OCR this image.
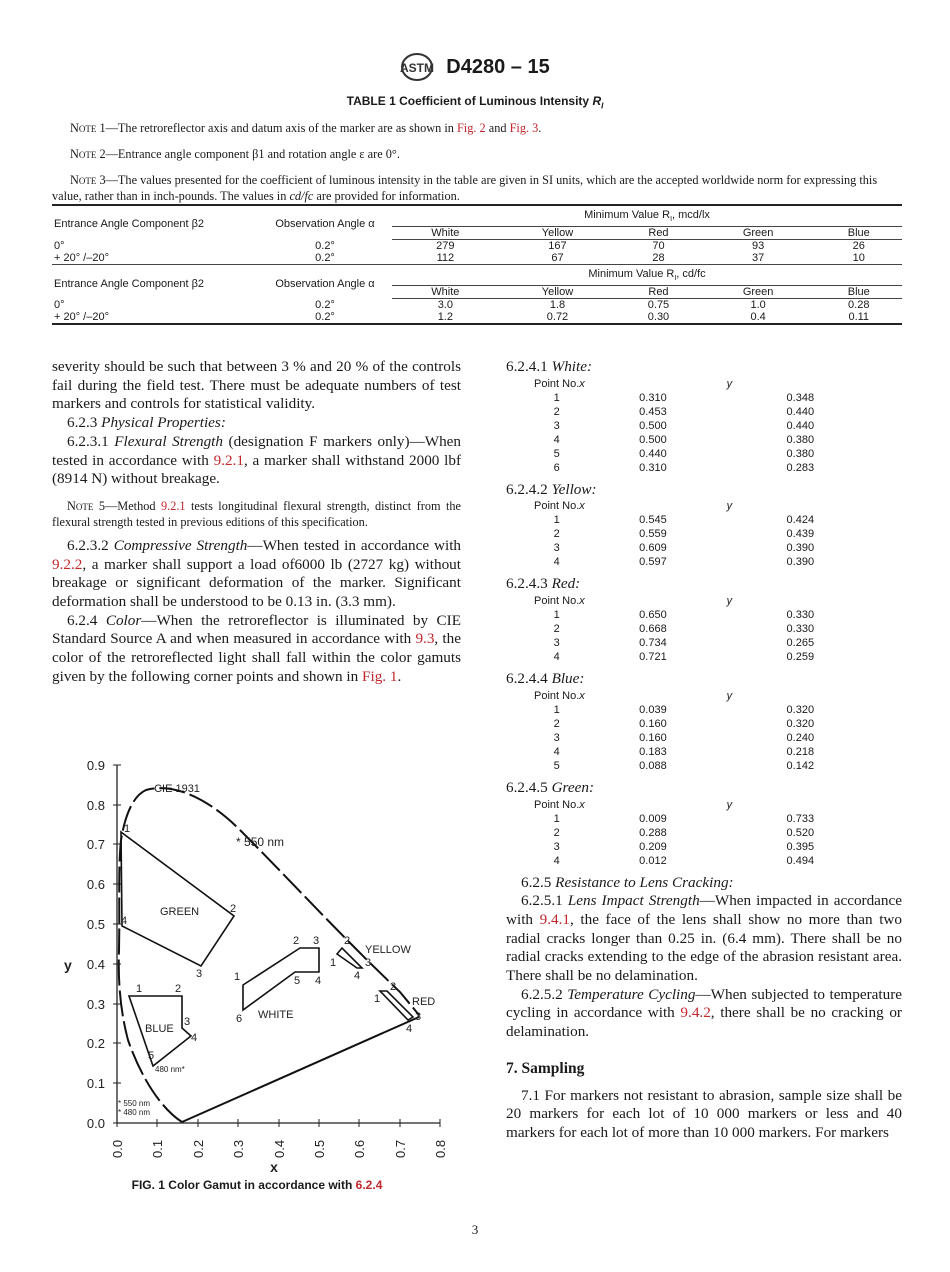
ASTM D4280 – 15
TABLE 1 Coefficient of Luminous Intensity $R_I$
Note 1—The retroreflector axis and datum axis of the marker are as shown in Fig. 2 and Fig. 3.
Note 2—Entrance angle component β1 and rotation angle ε are 0°.
Note 3—The values presented for the coefficient of luminous intensity in the table are given in SI units, which are the accepted worldwide norm for expressing this value, rather than in inch-pounds. The values in cd/fc are provided for information.
Entrance Angle Component β2	Observation Angle α	Minimum Value $R_I$, mcd/lx				
		White	Yellow	Red	Green	Blue
0°	0.2°	279	167	70	93	26
+ 20° /–20°	0.2°	112	67	28	37	10
Entrance Angle Component β2	Observation Angle α	Minimum Value $R_I$, cd/fc				
		White	Yellow	Red	Green	Blue
0°	0.2°	3.0	1.8	0.75	1.0	0.28
+ 20° /–20°	0.2°	1.2	0.72	0.30	0.4	0.11

severity should be such that between 3 % and 20 % of the controls fail during the field test. There must be adequate numbers of test markers and controls for statistical validity.

6.2.3 Physical Properties:

6.2.3.1 Flexural Strength (designation F markers only)—When tested in accordance with 9.2.1, a marker shall withstand 2000 lbf (8914 N) without breakage.

Note 5—Method 9.2.1 tests longitudinal flexural strength, distinct from the flexural strength tested in previous editions of this specification.

6.2.3.2 Compressive Strength—When tested in accordance with 9.2.2, a marker shall support a load of6000 lb (2727 kg) without breakage or significant deformation of the marker. Significant deformation shall be understood to be 0.13 in. (3.3 mm).

6.2.4 Color—When the retroreflector is illuminated by CIE Standard Source A and when measured in accordance with 9.3, the color of the retroreflected light shall fall within the color gamuts given by the following corner points and shown in Fig. 1.

0.0
0.1
0.2
0.3
0.4
0.5
0.6
0.7
0.8
0.9
y
0.0 0.1 0.2 0.3 0.4 0.5 0.6 0.7 0.8
x
CIE 1931
1
2
3
4
GREEN
1	2
3
4
5
BLUE
480 nm*
1
2 3
4
5
6 WHITE
1
2
3
4
YELLOW
1
2
3
4
RED
* 550 nm
* 550 nm
* 480 nm
FIG. 1 Color Gamut in accordance with 6.2.4

6.2.4.1 White:

Point No.	x	y
1	0.310	0.348
2	0.453	0.440
3	0.500	0.440
4	0.500	0.380
5	0.440	0.380
6	0.310	0.283

6.2.4.2 Yellow:

Point No.	x	y
1	0.545	0.424
2	0.559	0.439
3	0.609	0.390
4	0.597	0.390

6.2.4.3 Red:

Point No.	x	y
1	0.650	0.330
2	0.668	0.330
3	0.734	0.265
4	0.721	0.259

6.2.4.4 Blue:

Point No.	x	y
1	0.039	0.320
2	0.160	0.320
3	0.160	0.240
4	0.183	0.218
5	0.088	0.142

6.2.4.5 Green:

Point No.	x	y
1	0.009	0.733
2	0.288	0.520
3	0.209	0.395
4	0.012	0.494

6.2.5 Resistance to Lens Cracking:

6.2.5.1 Lens Impact Strength—When impacted in accordance with 9.4.1, the face of the lens shall show no more than two radial cracks longer than 0.25 in. (6.4 mm). There shall be no radial cracks extending to the edge of the abrasion resistant area. There shall be no delamination.

6.2.5.2 Temperature Cycling—When subjected to temperature cycling in accordance with 9.4.2, there shall be no cracking or delamination.

7. Sampling

7.1 For markers not resistant to abrasion, sample size shall be 20 markers for each lot of 10 000 markers or less and 40 markers for each lot of more than 10 000 markers. For markers

3
